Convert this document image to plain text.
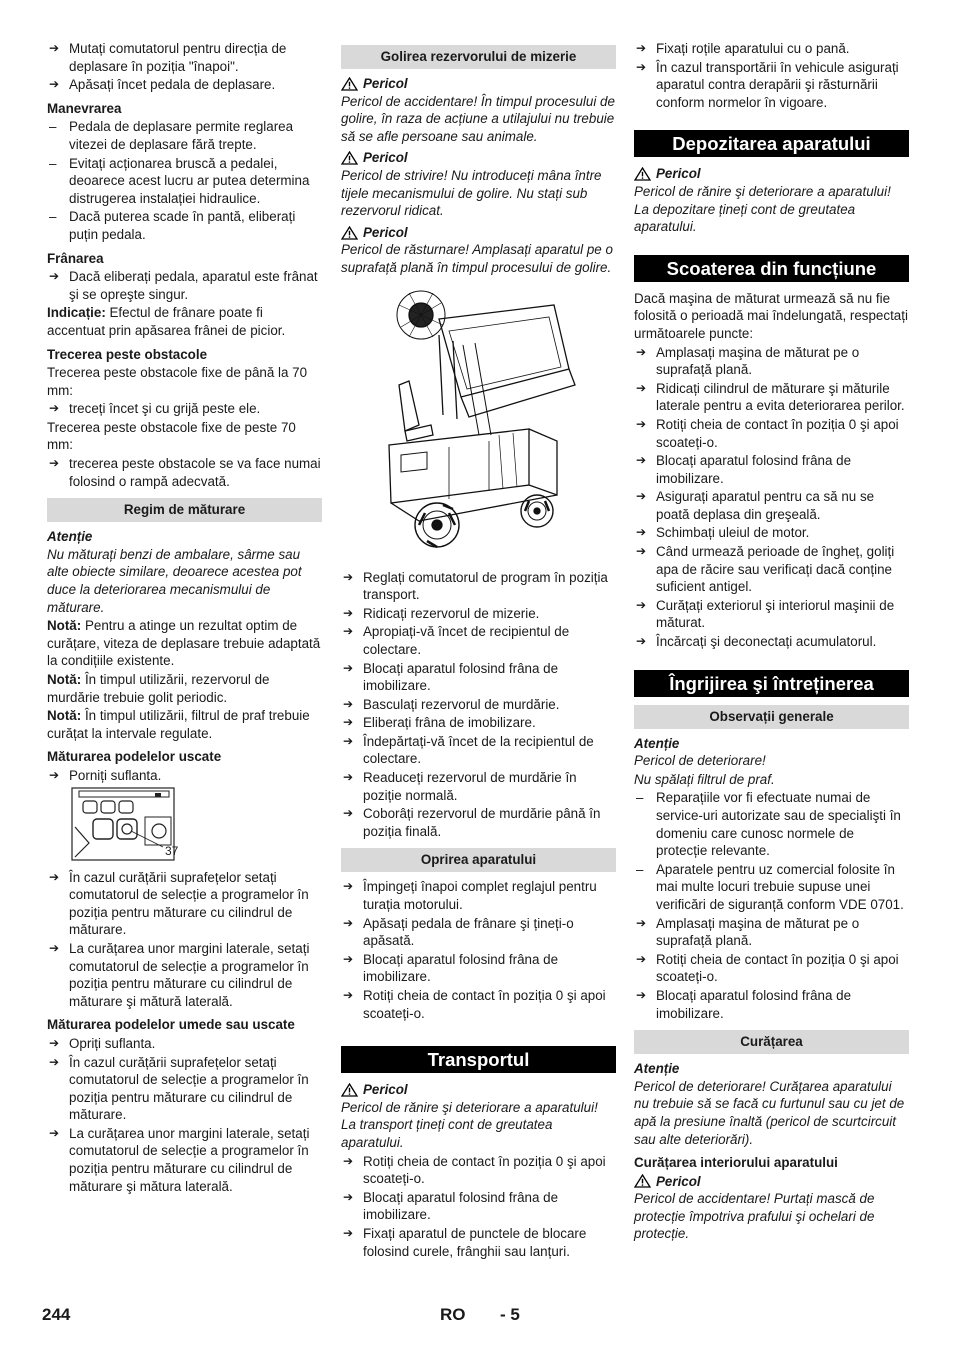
➔ Mutați comutatorul pentru direcția de deplasare în poziția "înapoi".
➔ Apăsați încet pedala de deplasare.
Manevrarea
– Pedala de deplasare permite reglarea vitezei de deplasare fără trepte.
– Evitați acționarea bruscă a pedalei, deoarece acest lucru ar putea determina distrugerea instalației hidraulice.
– Dacă puterea scade în pantă, eliberați puțin pedala.
Frânarea
➔ Dacă eliberați pedala, aparatul este frânat şi se opreşte singur.

Indicație: Efectul de frânare poate fi accentuat prin apăsarea frânei de picior.

Trecerea peste obstacole

Trecerea peste obstacole fixe de până la 70 mm:

➔ treceți încet şi cu grijă peste ele.

Trecerea peste obstacole fixe de peste 70 mm:

➔ trecerea peste obstacole se va face numai folosind o rampă adecvată.
Regim de măturare
Atenție

Nu măturați benzi de ambalare, sârme sau alte obiecte similare, deoarece acestea pot duce la deteriorarea mecanismului de măturare.

Notă: Pentru a atinge un rezultat optim de curățare, viteza de deplasare trebuie adaptată la condițiile existente.

Notă: În timpul utilizării, rezervorul de murdărie trebuie golit periodic.

Notă: În timpul utilizării, filtrul de praf trebuie curățat la intervale regulate.

Măturarea podelelor uscate
➔ Porniți suflanta.
37
➔ În cazul curățării suprafețelor setați comutatorul de selecție a programelor în poziția pentru măturare cu cilindrul de măturare.
➔ La curățarea unor margini laterale, setați comutatorul de selecție a programelor în poziția pentru măturare cu cilindrul de măturare şi mătură laterală.
Măturarea podelelor umede sau uscate
➔ Opriți suflanta.
➔ În cazul curățării suprafețelor setați comutatorul de selecție a programelor în poziția pentru măturare cu cilindrul de măturare.
➔ La curățarea unor margini laterale, setați comutatorul de selecție a programelor în poziția pentru măturare cu cilindrul de măturare şi mătura laterală.
Golirea rezervorului de mizerie
Pericol

Pericol de accidentare! În timpul procesului de golire, în raza de acțiune a utilajului nu trebuie să se afle persoane sau animale.

Pericol

Pericol de strivire! Nu introduceți mâna între tijele mecanismului de golire. Nu stați sub rezervorul ridicat.

Pericol

Pericol de răsturnare! Amplasați aparatul pe o suprafață plană în timpul procesului de golire.

➔ Reglați comutatorul de program în poziția transport.
➔ Ridicați rezervorul de mizerie.
➔ Apropiați-vă încet de recipientul de colectare.
➔ Blocați aparatul folosind frâna de imobilizare.
➔ Basculați rezervorul de murdărie.
➔ Eliberați frâna de imobilizare.
➔ Îndepărtați-vă încet de la recipientul de colectare.
➔ Readuceți rezervorul de murdărie în poziție normală.
➔ Coborâți rezervorul de murdărie până în poziția finală.
Oprirea aparatului
➔ Împingeți înapoi complet reglajul pentru turația motorului.
➔ Apăsați pedala de frânare şi țineți-o apăsată.
➔ Blocați aparatul folosind frâna de imobilizare.
➔ Rotiți cheia de contact în poziția 0 şi apoi scoateți-o.
Transportul
Pericol

Pericol de rănire şi deteriorare a aparatului! La transport țineți cont de greutatea aparatului.

➔ Rotiți cheia de contact în poziția 0 şi apoi scoateți-o.
➔ Blocați aparatul folosind frâna de imobilizare.
➔ Fixați aparatul de punctele de blocare folosind curele, frânghii sau lanțuri.
➔ Fixați roțile aparatului cu o pană.
➔ În cazul transportării în vehicule asigurați aparatul contra derapării şi răsturnării conform normelor în vigoare.
Depozitarea aparatului
Pericol

Pericol de rănire şi deteriorare a aparatului! La depozitare țineți cont de greutatea aparatului.

Scoaterea din funcțiune

Dacă maşina de măturat urmează să nu fie folosită o perioadă mai îndelungată, respectați următoarele puncte:

➔ Amplasați maşina de măturat pe o suprafață plană.
➔ Ridicați cilindrul de măturare şi măturile laterale pentru a evita deteriorarea perilor.
➔ Rotiți cheia de contact în poziția 0 şi apoi scoateți-o.
➔ Blocați aparatul folosind frâna de imobilizare.
➔ Asigurați aparatul pentru ca să nu se poată deplasa din greşeală.
➔ Schimbați uleiul de motor.
➔ Când urmează perioade de îngheț, goliți apa de răcire sau verificați dacă conține suficient antigel.
➔ Curățați exteriorul şi interiorul maşinii de măturat.
➔ Încărcați şi deconectați acumulatorul.
Îngrijirea şi întreținerea
Observații generale
Atenție

Pericol de deteriorare!

Nu spălați filtrul de praf.

– Reparațiile vor fi efectuate numai de service-uri autorizate sau de specialişti în domeniu care cunosc normele de protecție relevante.
– Aparatele pentru uz comercial folosite în mai multe locuri trebuie supuse unei verificări de siguranță conform VDE 0701.
➔ Amplasați maşina de măturat pe o suprafață plană.
➔ Rotiți cheia de contact în poziția 0 şi apoi scoateți-o.
➔ Blocați aparatul folosind frâna de imobilizare.
Curățarea
Atenție

Pericol de deteriorare! Curățarea aparatului nu trebuie să se facă cu furtunul sau cu jet de apă la presiune înaltă (pericol de scurtcircuit sau alte deteriorări).

Curățarea interiorului aparatului
Pericol

Pericol de accidentare! Purtați mască de protecție împotriva prafului şi ochelari de protecție.

244	RO - 5
